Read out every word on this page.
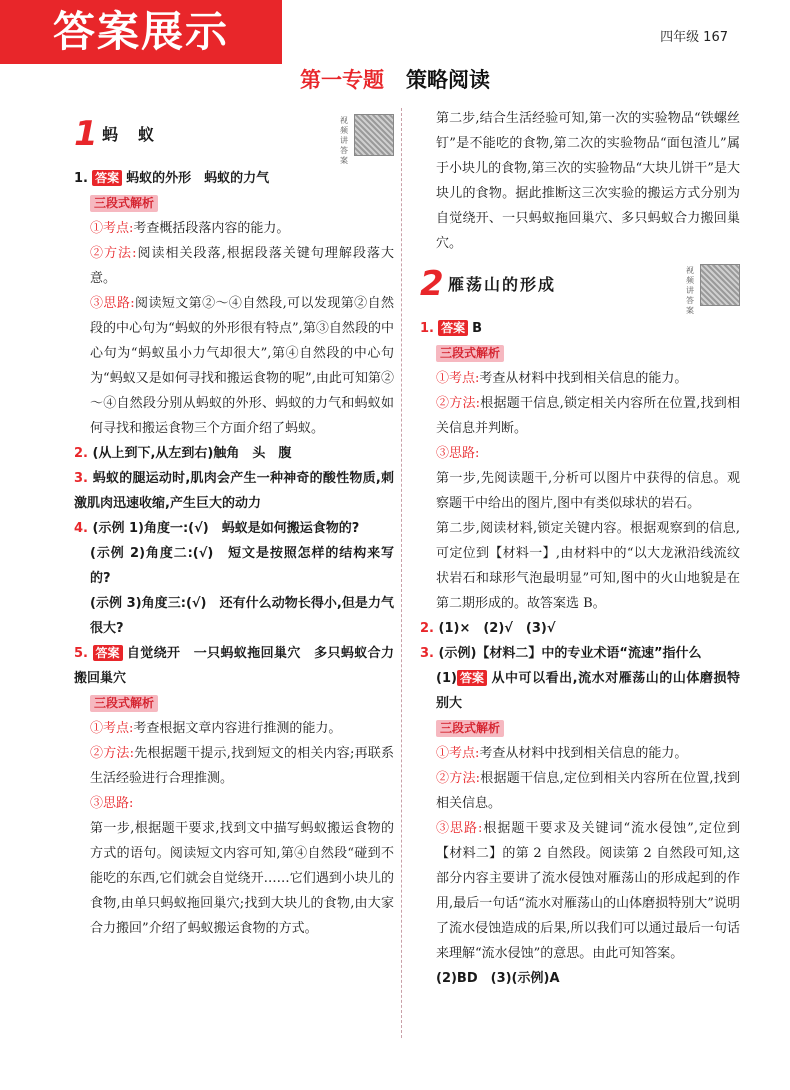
答案展示	四年级 167
第一专题 策略阅读
1 蚂　蚁
视频讲答案

1. 答案 蚂蚁的外形　蚂蚁的力气

三段式解析

①考点:考查概括段落内容的能力。

②方法:阅读相关段落,根据段落关键句理解段落大意。

③思路:阅读短文第②～④自然段,可以发现第②自然段的中心句为“蚂蚁的外形很有特点”,第③自然段的中心句为“蚂蚁虽小力气却很大”,第④自然段的中心句为“蚂蚁又是如何寻找和搬运食物的呢”,由此可知第②～④自然段分别从蚂蚁的外形、蚂蚁的力气和蚂蚁如何寻找和搬运食物三个方面介绍了蚂蚁。

2. (从上到下,从左到右)触角　头　腹

3. 蚂蚁的腿运动时,肌肉会产生一种神奇的酸性物质,刺激肌肉迅速收缩,产生巨大的动力

4. (示例 1)角度一:(√)　蚂蚁是如何搬运食物的?

(示例 2)角度二:(√)　短文是按照怎样的结构来写的?

(示例 3)角度三:(√)　还有什么动物长得小,但是力气很大?

5. 答案 自觉绕开　一只蚂蚁拖回巢穴　多只蚂蚁合力搬回巢穴

三段式解析

①考点:考查根据文章内容进行推测的能力。

②方法:先根据题干提示,找到短文的相关内容;再联系生活经验进行合理推测。

③思路:

第一步,根据题干要求,找到文中描写蚂蚁搬运食物的方式的语句。阅读短文内容可知,第④自然段“碰到不能吃的东西,它们就会自觉绕开……它们遇到小块儿的食物,由单只蚂蚁拖回巢穴;找到大块儿的食物,由大家合力搬回”介绍了蚂蚁搬运食物的方式。

第二步,结合生活经验可知,第一次的实验物品“铁螺丝钉”是不能吃的食物,第二次的实验物品“面包渣儿”属于小块儿的食物,第三次的实验物品“大块儿饼干”是大块儿的食物。据此推断这三次实验的搬运方式分别为自觉绕开、一只蚂蚁拖回巢穴、多只蚂蚁合力搬回巢穴。

2 雁荡山的形成
视频讲答案

1. 答案 B

三段式解析

①考点:考查从材料中找到相关信息的能力。

②方法:根据题干信息,锁定相关内容所在位置,找到相关信息并判断。

③思路:

第一步,先阅读题干,分析可以图片中获得的信息。观察题干中给出的图片,图中有类似球状的岩石。

第二步,阅读材料,锁定关键内容。根据观察到的信息,可定位到【材料一】,由材料中的“以大龙湫沿线流纹状岩石和球形气泡最明显”可知,图中的火山地貌是在第二期形成的。故答案选 B。

2. (1)×　(2)√　(3)√

3. (示例)【材料二】中的专业术语“流速”指什么

(1) 答案 从中可以看出,流水对雁荡山的山体磨损特别大

三段式解析

①考点:考查从材料中找到相关信息的能力。

②方法:根据题干信息,定位到相关内容所在位置,找到相关信息。

③思路:根据题干要求及关键词“流水侵蚀”,定位到【材料二】的第 2 自然段。阅读第 2 自然段可知,这部分内容主要讲了流水侵蚀对雁荡山的形成起到的作用,最后一句话“流水对雁荡山的山体磨损特别大”说明了流水侵蚀造成的后果,所以我们可以通过最后一句话来理解“流水侵蚀”的意思。由此可知答案。

(2)BD　(3)(示例)A
